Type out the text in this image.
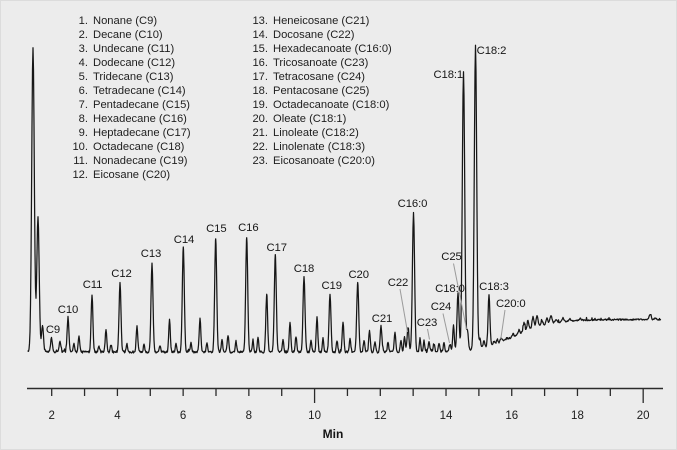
1. Nonane (C9)
2. Decane (C10)
3. Undecane (C11)
4. Dodecane (C12)
5. Tridecane (C13)
6. Tetradecane (C14)
7. Pentadecane (C15)
8. Hexadecane (C16)
9. Heptadecane (C17)
10. Octadecane (C18)
11. Nonadecane (C19)
12. Eicosane (C20)
13. Heneicosane (C21)
14. Docosane (C22)
15. Hexadecanoate (C16:0)
16. Tricosanoate (C23)
17. Tetracosane (C24)
18. Pentacosane (C25)
19. Octadecanoate (C18:0)
20. Oleate (C18:1)
21. Linoleate (C18:2)
22. Linolenate (C18:3)
23. Eicosanoate (C20:0)
2	4	6	8	10	12	14	16	18	20
C9
C10
C11
C12
C13
C14
C15 C16
C17
C18
C19
C20
C21
C22
C16:0
C23
C24
C18:0
C18:1
C25
C18:2
C18:3
C20:0
Min
